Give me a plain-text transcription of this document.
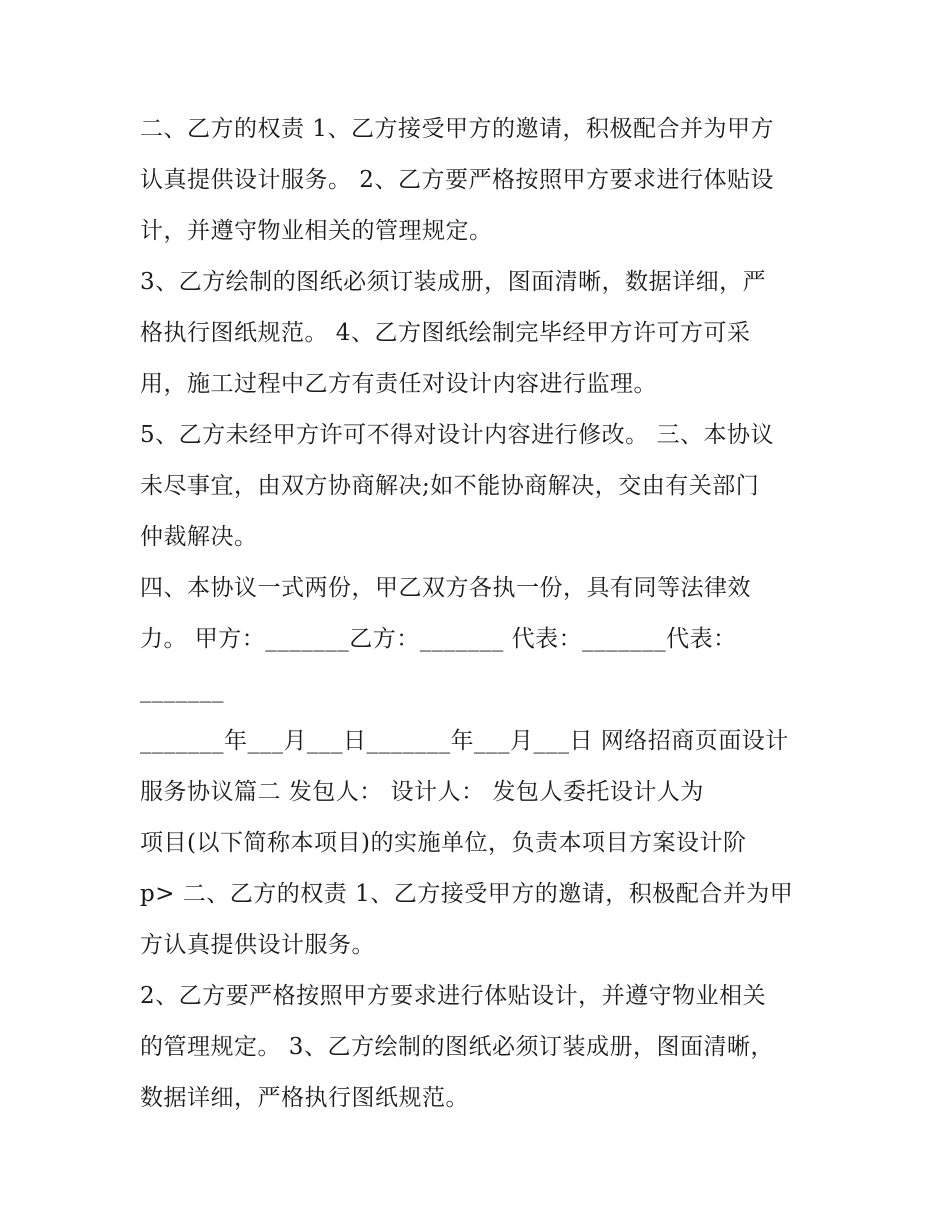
二、乙方的权责 1、乙方接受甲方的邀请，积极配合并为甲方
认真提供设计服务。 2、乙方要严格按照甲方要求进行体贴设
计，并遵守物业相关的管理规定。
3、乙方绘制的图纸必须订装成册，图面清晰，数据详细，严
格执行图纸规范。 4、乙方图纸绘制完毕经甲方许可方可采
用，施工过程中乙方有责任对设计内容进行监理。
5、乙方未经甲方许可不得对设计内容进行修改。 三、本协议
未尽事宜，由双方协商解决;如不能协商解决，交由有关部门
仲裁解决。
四、本协议一式两份，甲乙双方各执一份，具有同等法律效
力。 甲方：_______乙方：_______ 代表：_______代表：
_______
_______年___月___日_______年___月___日 网络招商页面设计
服务协议篇二 发包人： 设计人： 发包人委托设计人为
项目(以下简称本项目)的实施单位，负责本项目方案设计阶
p> 二、乙方的权责 1、乙方接受甲方的邀请，积极配合并为甲
方认真提供设计服务。
2、乙方要严格按照甲方要求进行体贴设计，并遵守物业相关
的管理规定。 3、乙方绘制的图纸必须订装成册，图面清晰，
数据详细，严格执行图纸规范。
